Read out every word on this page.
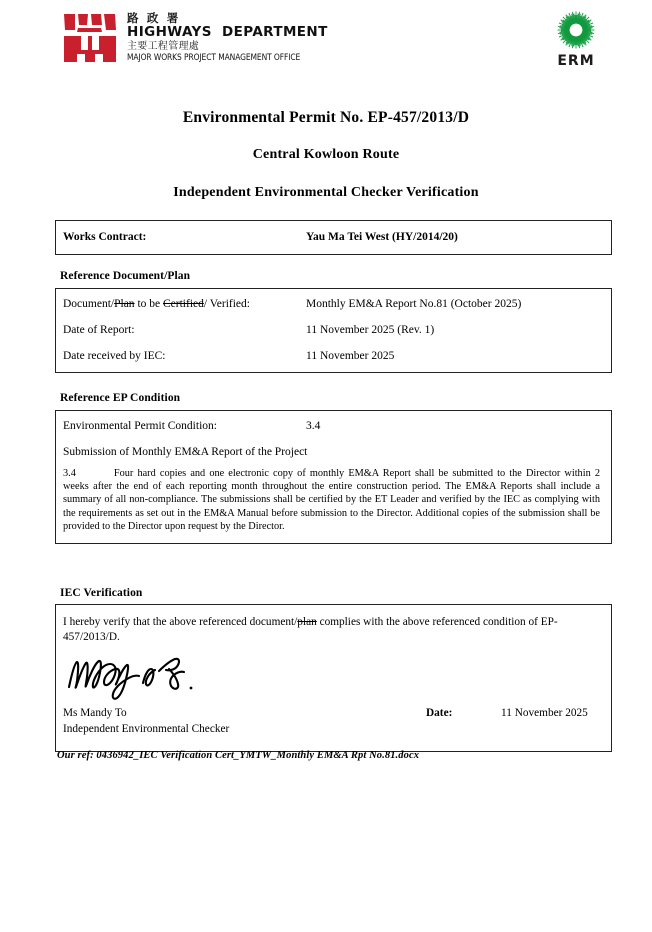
路 政 署
HIGHWAYS  DEPARTMENT
主要工程管理處
MAJOR WORKS PROJECT MANAGEMENT OFFICE	ERM
Environmental Permit No. EP-457/2013/D
Central Kowloon Route
Independent Environmental Checker Verification
Works Contract:	Yau Ma Tei West (HY/2014/20)
Reference Document/Plan
Document/Plan to be Certified/ Verified:	Monthly EM&A Report No.81 (October 2025)
Date of Report:	11 November 2025 (Rev. 1)
Date received by IEC:	11 November 2025
Reference EP Condition
Environmental Permit Condition:	3.4
Submission of Monthly EM&A Report of the Project
3.4	Four hard copies and one electronic copy of monthly EM&A Report shall be submitted to the Director within 2 weeks after the end of each reporting month throughout the entire construction period. The EM&A Reports shall include a summary of all non-compliance. The submissions shall be certified by the ET Leader and verified by the IEC as complying with the requirements as set out in the EM&A Manual before submission to the Director. Additional copies of the submission shall be provided to the Director upon request by the Director.
IEC Verification
I hereby verify that the above referenced document/plan complies with the above referenced condition of EP-457/2013/D.
Ms Mandy To	Date:	11 November 2025
Independent Environmental Checker
Our ref: 0436942_IEC Verification Cert_YMTW_Monthly EM&A Rpt No.81.docx
